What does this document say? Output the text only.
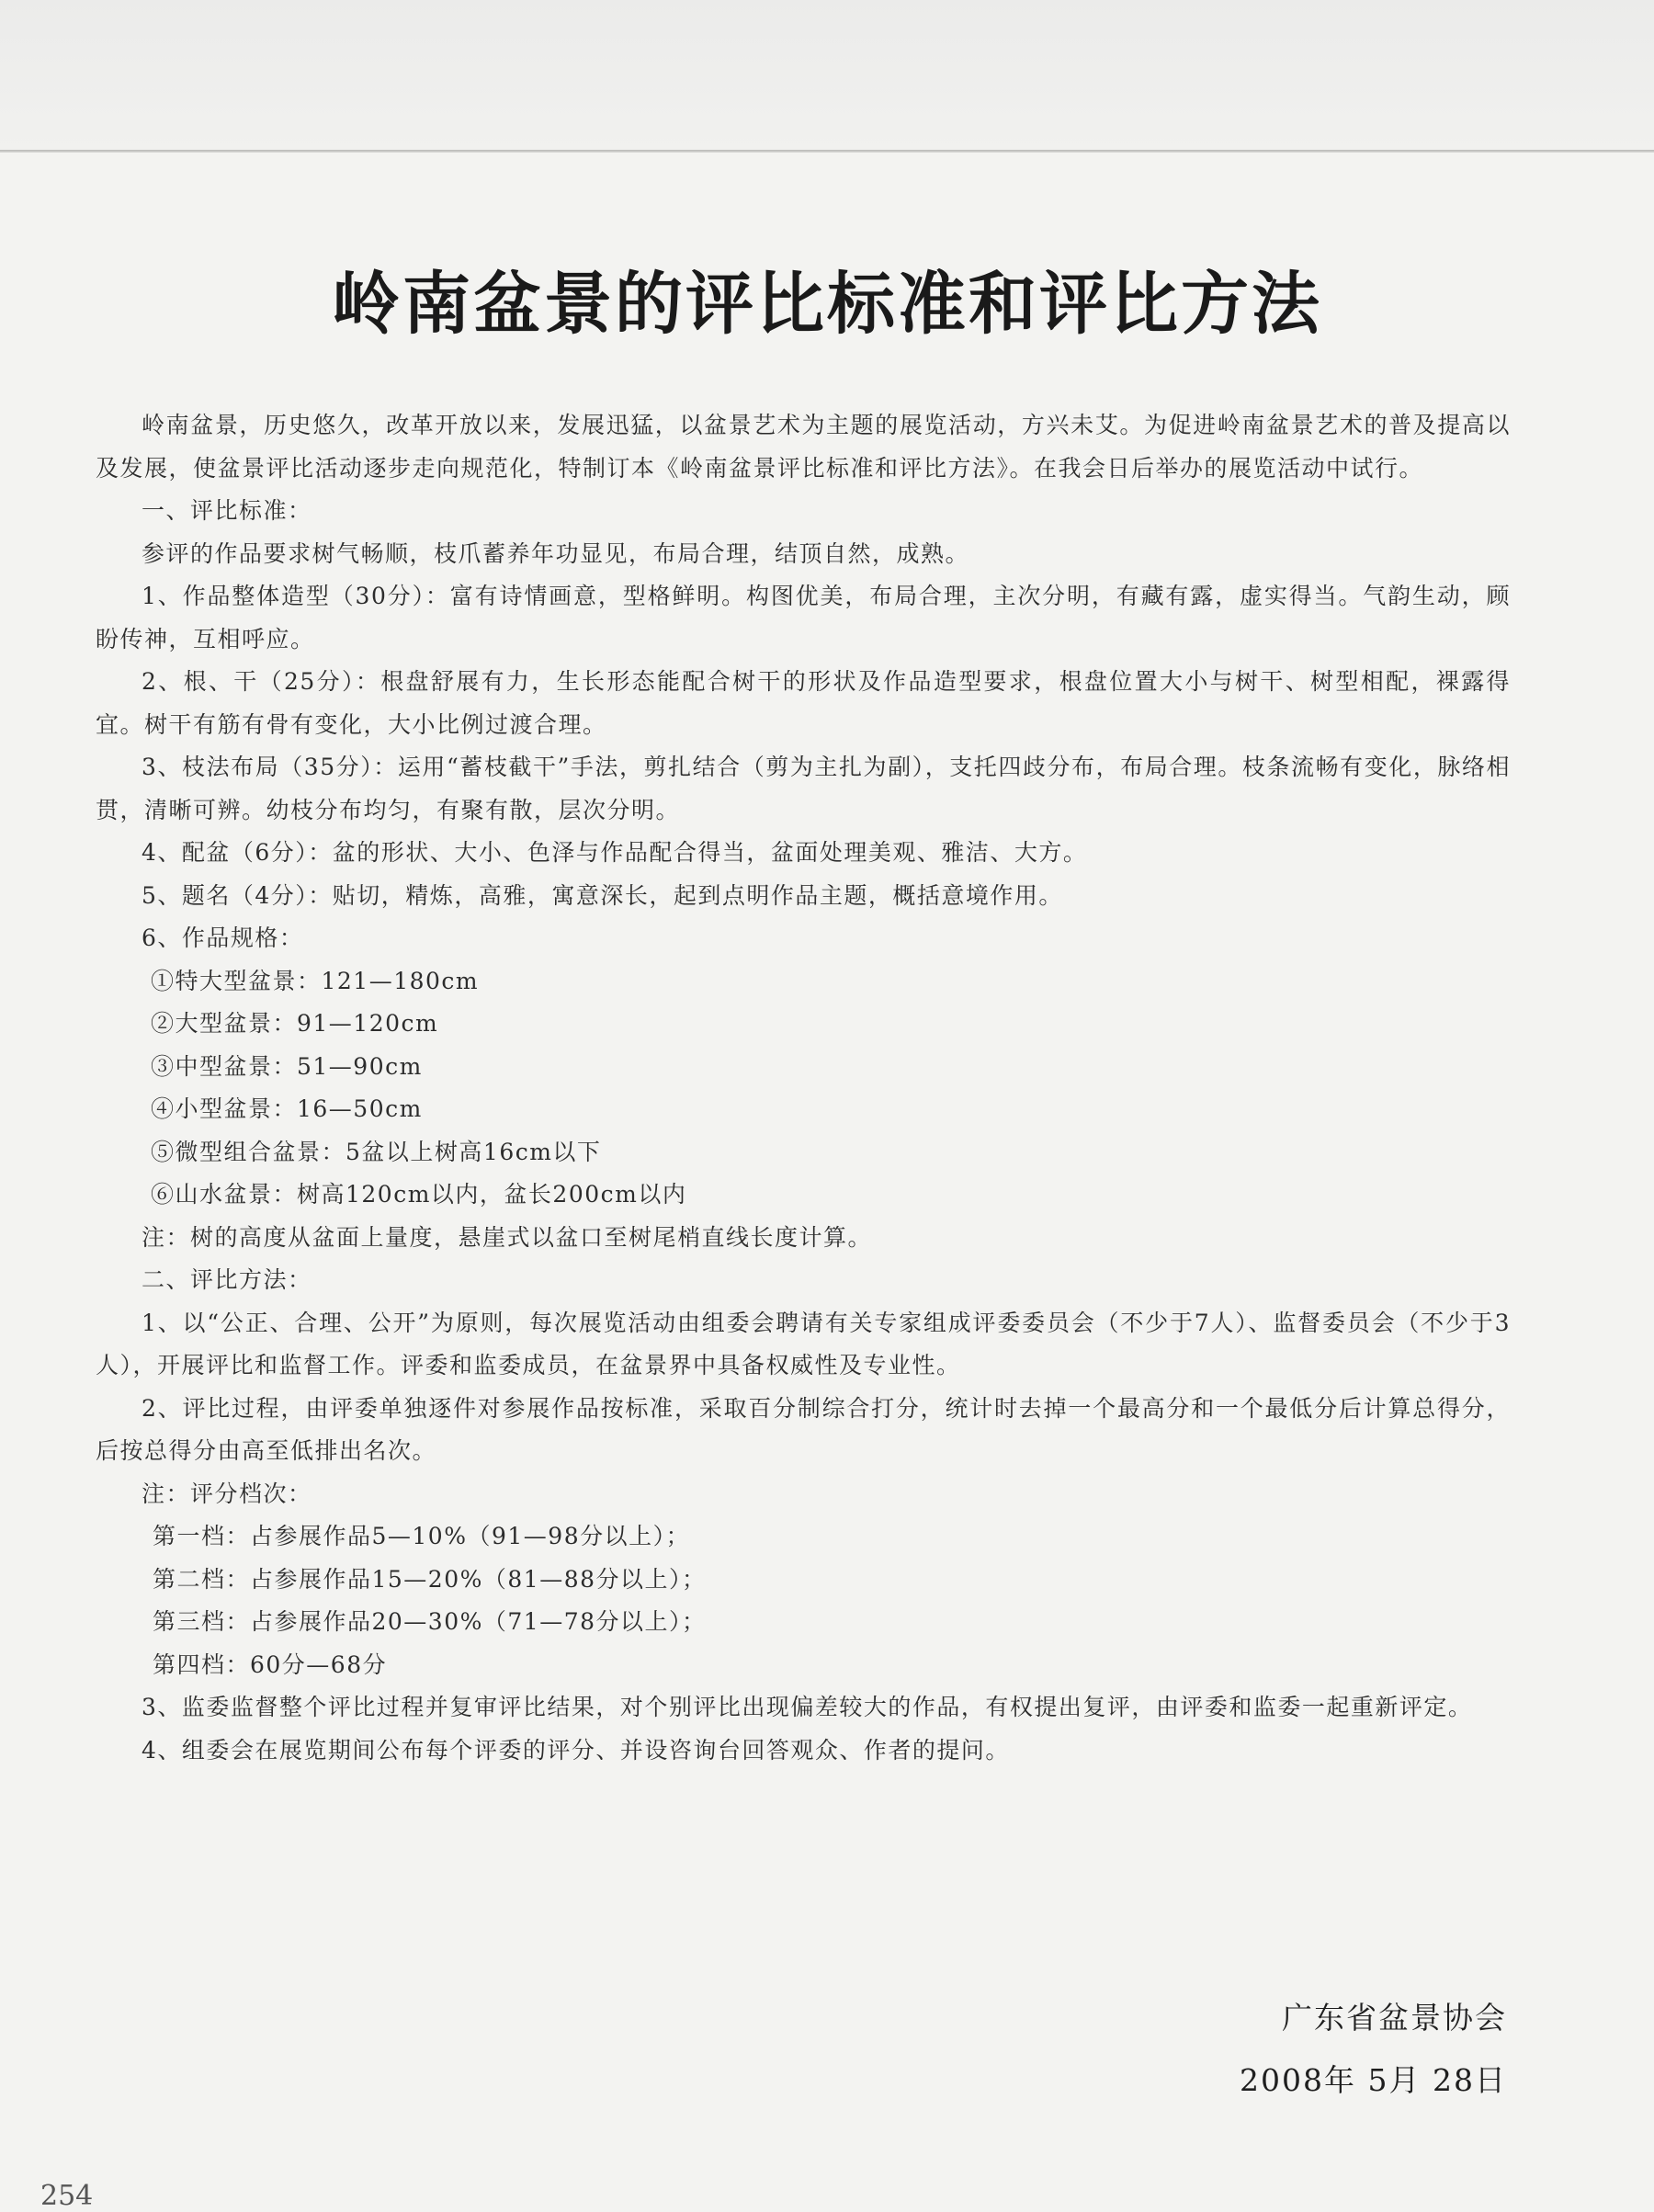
岭南盆景的评比标准和评比方法

岭南盆景，历史悠久，改革开放以来，发展迅猛，以盆景艺术为主题的展览活动，方兴未艾。为促进岭南盆景艺术的普及提高以及发展，使盆景评比活动逐步走向规范化，特制订本《岭南盆景评比标准和评比方法》。在我会日后举办的展览活动中试行。

一、评比标准：

参评的作品要求树气畅顺，枝爪蓄养年功显见，布局合理，结顶自然，成熟。

1、作品整体造型（30分）：富有诗情画意，型格鲜明。构图优美，布局合理，主次分明，有藏有露，虚实得当。气韵生动，顾盼传神，互相呼应。

2、根、干（25分）：根盘舒展有力，生长形态能配合树干的形状及作品造型要求，根盘位置大小与树干、树型相配，裸露得宜。树干有筋有骨有变化，大小比例过渡合理。

3、枝法布局（35分）：运用“蓄枝截干”手法，剪扎结合（剪为主扎为副），支托四歧分布，布局合理。枝条流畅有变化，脉络相贯，清晰可辨。幼枝分布均匀，有聚有散，层次分明。

4、配盆（6分）：盆的形状、大小、色泽与作品配合得当，盆面处理美观、雅洁、大方。

5、题名（4分）：贴切，精炼，高雅，寓意深长，起到点明作品主题，概括意境作用。

6、作品规格：

①特大型盆景：121—180cm

②大型盆景：91—120cm

③中型盆景：51—90cm

④小型盆景：16—50cm

⑤微型组合盆景：5盆以上树高16cm以下

⑥山水盆景：树高120cm以内，盆长200cm以内

注：树的高度从盆面上量度，悬崖式以盆口至树尾梢直线长度计算。

二、评比方法：

1、以“公正、合理、公开”为原则，每次展览活动由组委会聘请有关专家组成评委委员会（不少于7人）、监督委员会（不少于3人），开展评比和监督工作。评委和监委成员，在盆景界中具备权威性及专业性。

2、评比过程，由评委单独逐件对参展作品按标准，采取百分制综合打分，统计时去掉一个最高分和一个最低分后计算总得分，后按总得分由高至低排出名次。

注：评分档次：

第一档：占参展作品5—10%（91—98分以上）；

第二档：占参展作品15—20%（81—88分以上）；

第三档：占参展作品20—30%（71—78分以上）；

第四档：60分—68分

3、监委监督整个评比过程并复审评比结果，对个别评比出现偏差较大的作品，有权提出复评，由评委和监委一起重新评定。

4、组委会在展览期间公布每个评委的评分、并设咨询台回答观众、作者的提问。

广东省盆景协会

2008年 5月 28日

254
